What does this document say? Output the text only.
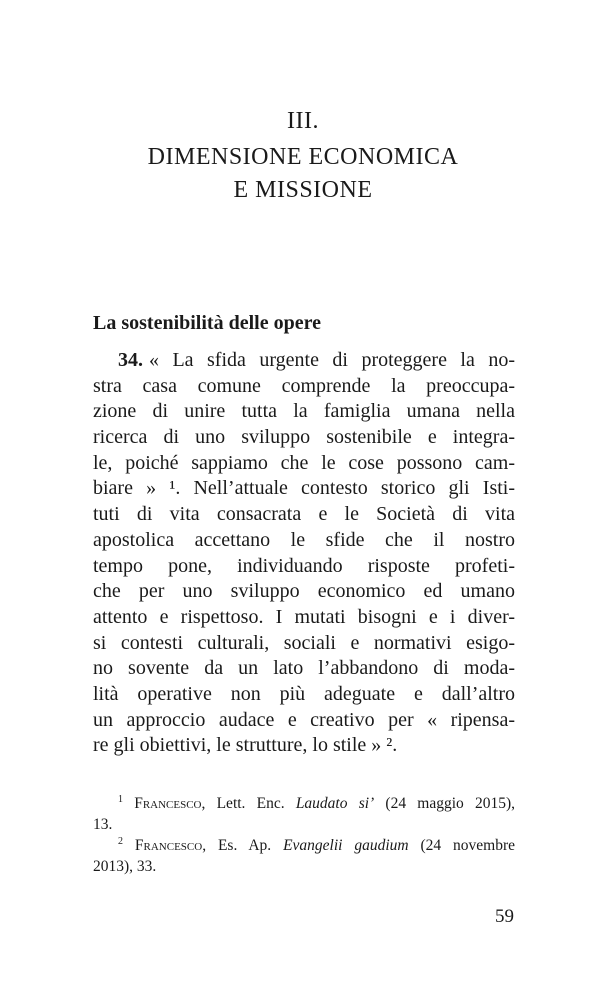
III.
DIMENSIONE ECONOMICA
E MISSIONE
La sostenibilità delle opere
34. « La sfida urgente di proteggere la no-
stra casa comune comprende la preoccupa-
zione di unire tutta la famiglia umana nella
ricerca di uno sviluppo sostenibile e integra-
le, poiché sappiamo che le cose possono cam-
biare » ¹. Nell’attuale contesto storico gli Isti-
tuti di vita consacrata e le Società di vita
apostolica accettano le sfide che il nostro
tempo pone, individuando risposte profeti-
che per uno sviluppo economico ed umano
attento e rispettoso. I mutati bisogni e i diver-
si contesti culturali, sociali e normativi esigo-
no sovente da un lato l’abbandono di moda-
lità operative non più adeguate e dall’altro
un approccio audace e creativo per « ripensa-
re gli obiettivi, le strutture, lo stile » ².
$^1$ Francesco, Lett. Enc. Laudato si’ (24 maggio 2015),
13.
$^2$ Francesco, Es. Ap. Evangelii gaudium (24 novembre
2013), 33.
59
